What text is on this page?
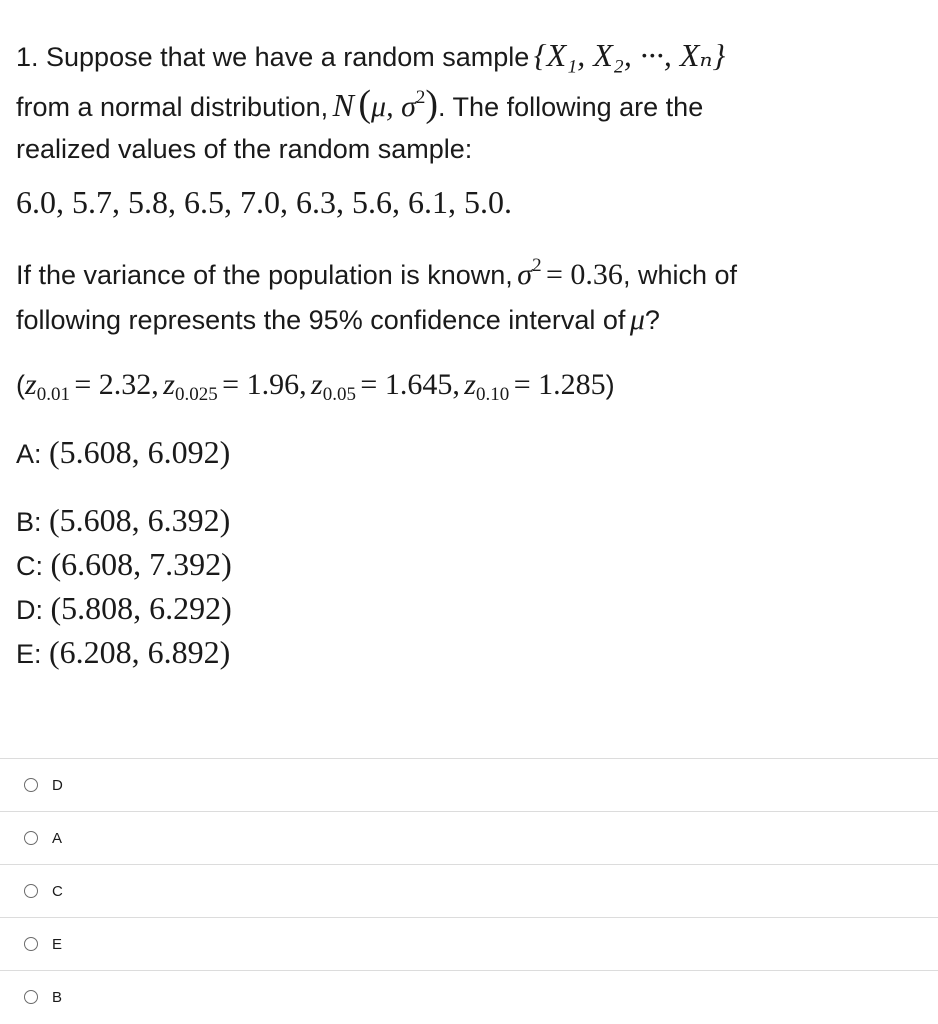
1. Suppose that we have a random sample {X₁, X₂, ···, Xₙ}
from a normal distribution, N (μ, σ2). The following are the
realized values of the random sample:
6.0, 5.7, 5.8, 6.5, 7.0, 6.3, 5.6, 6.1, 5.0.
If the variance of the population is known, σ2 = 0.36, which of
following represents the 95% confidence interval of μ?
(z0.01 = 2.32, z0.025 = 1.96, z0.05 = 1.645, z0.10 = 1.285)
A: (5.608, 6.092)
B: (5.608, 6.392)
C: (6.608, 7.392)
D: (5.808, 6.292)
E: (6.208, 6.892)
D
A
C
E
B
